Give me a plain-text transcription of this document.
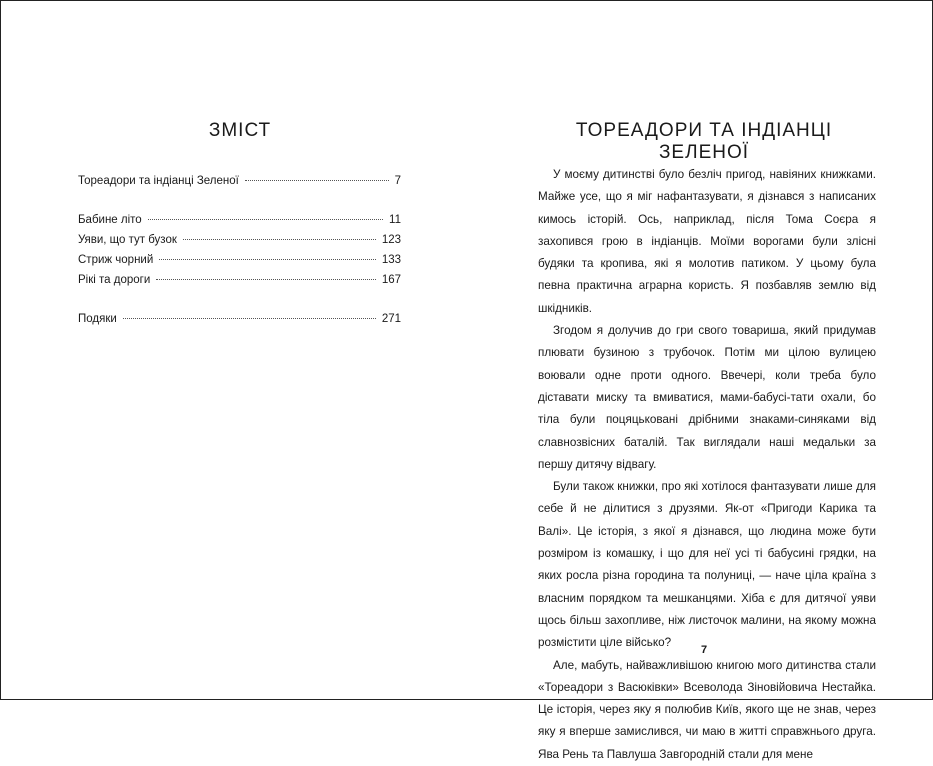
ЗМІСТ
Тореадори та індіанці Зеленої	7
Бабине літо	11
Уяви, що тут бузок	123
Стриж чорний	133
Рікі та дороги	167
Подяки	271
ТОРЕАДОРИ ТА ІНДІАНЦІ ЗЕЛЕНОЇ

У моєму дитинстві було безліч пригод, навіяних книжками. Майже усе, що я міг нафантазувати, я дізнався з написаних кимось історій. Ось, наприклад, після Тома Соєра я захопився грою в індіанців. Моїми ворогами були злісні будяки та кропива, які я молотив патиком. У цьому була певна практична аграрна користь. Я позбавляв землю від шкідників.

Згодом я долучив до гри свого товариша, який придумав плювати бузиною з трубочок. Потім ми цілою вулицею воювали одне проти одного. Ввечері, коли треба було діставати миску та вмиватися, мами-бабусі-тати охали, бо тіла були поцяцьковані дрібними знаками-синяками від славнозвісних баталій. Так виглядали наші медальки за першу дитячу відвагу.

Були також книжки, про які хотілося фантазувати лише для себе й не ділитися з друзями. Як-от «Пригоди Карика та Валі». Це історія, з якої я дізнався, що людина може бути розміром із комашку, і що для неї усі ті бабусині грядки, на яких росла різна городина та полуниці, — наче ціла країна з власним порядком та мешканцями. Хіба є для дитячої уяви щось більш захопливе, ніж листочок малини, на якому можна розмістити ціле військо?

Але, мабуть, найважливішою книгою мого дитинства стали «Тореадори з Васюківки» Всеволода Зіновійовича Нестайка. Це історія, через яку я полюбив Київ, якого ще не знав, через яку я вперше замислився, чи маю в житті справжнього друга. Ява Рень та Павлуша Завгородній стали для мене

7
